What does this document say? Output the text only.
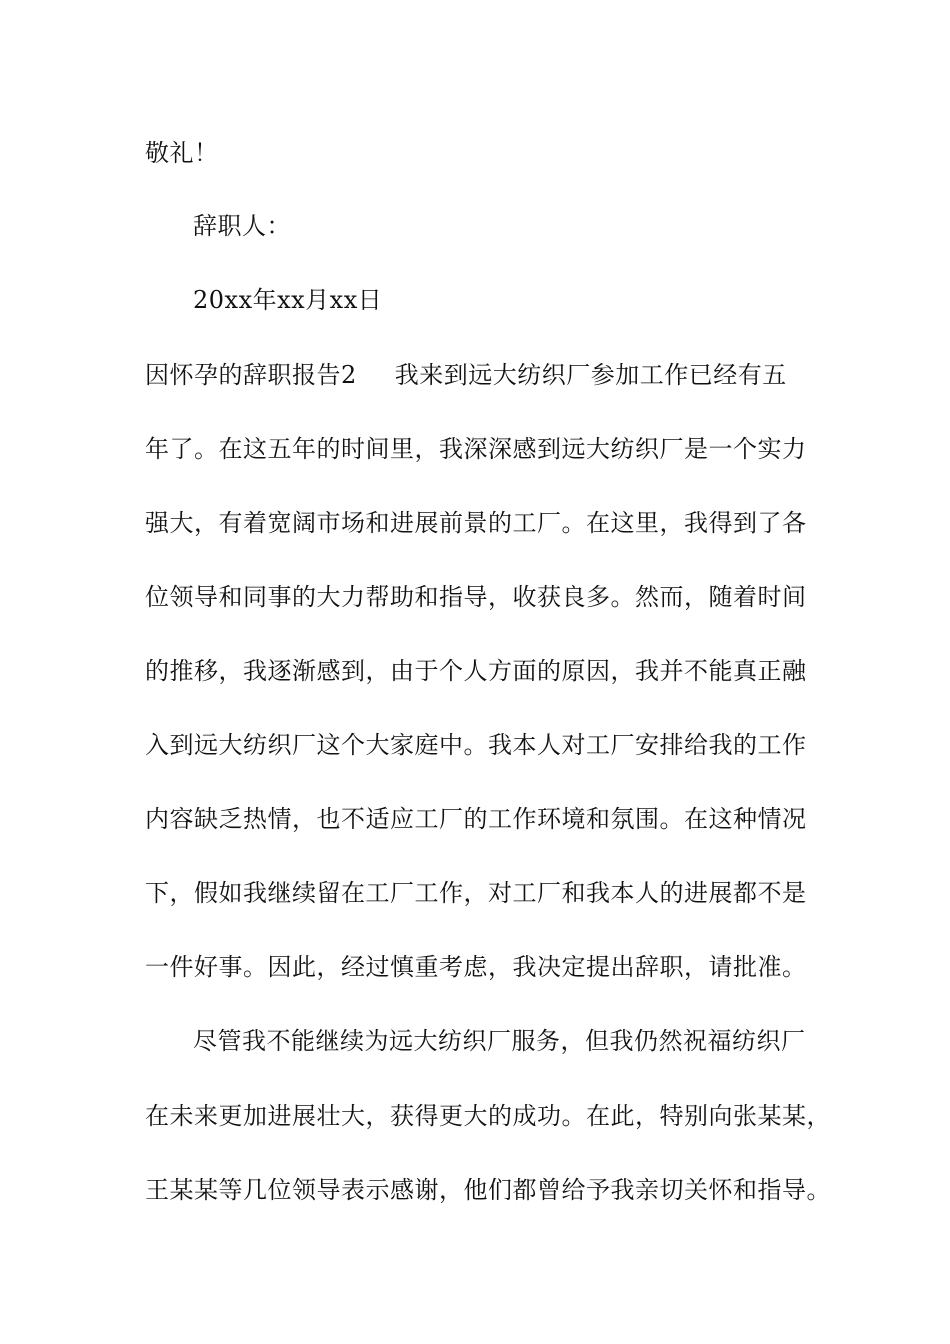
敬礼！
辞职人：
20xx年xx月xx日
因怀孕的辞职报告2 我来到远大纺织厂参加工作已经有五
年了。在这五年的时间里，我深深感到远大纺织厂是一个实力
强大，有着宽阔市场和进展前景的工厂。在这里，我得到了各
位领导和同事的大力帮助和指导，收获良多。然而，随着时间
的推移，我逐渐感到，由于个人方面的原因，我并不能真正融
入到远大纺织厂这个大家庭中。我本人对工厂安排给我的工作
内容缺乏热情，也不适应工厂的工作环境和氛围。在这种情况
下，假如我继续留在工厂工作，对工厂和我本人的进展都不是
一件好事。因此，经过慎重考虑，我决定提出辞职，请批准。
尽管我不能继续为远大纺织厂服务，但我仍然祝福纺织厂
在未来更加进展壮大，获得更大的成功。在此，特别向张某某，
王某某等几位领导表示感谢，他们都曾给予我亲切关怀和指导。
